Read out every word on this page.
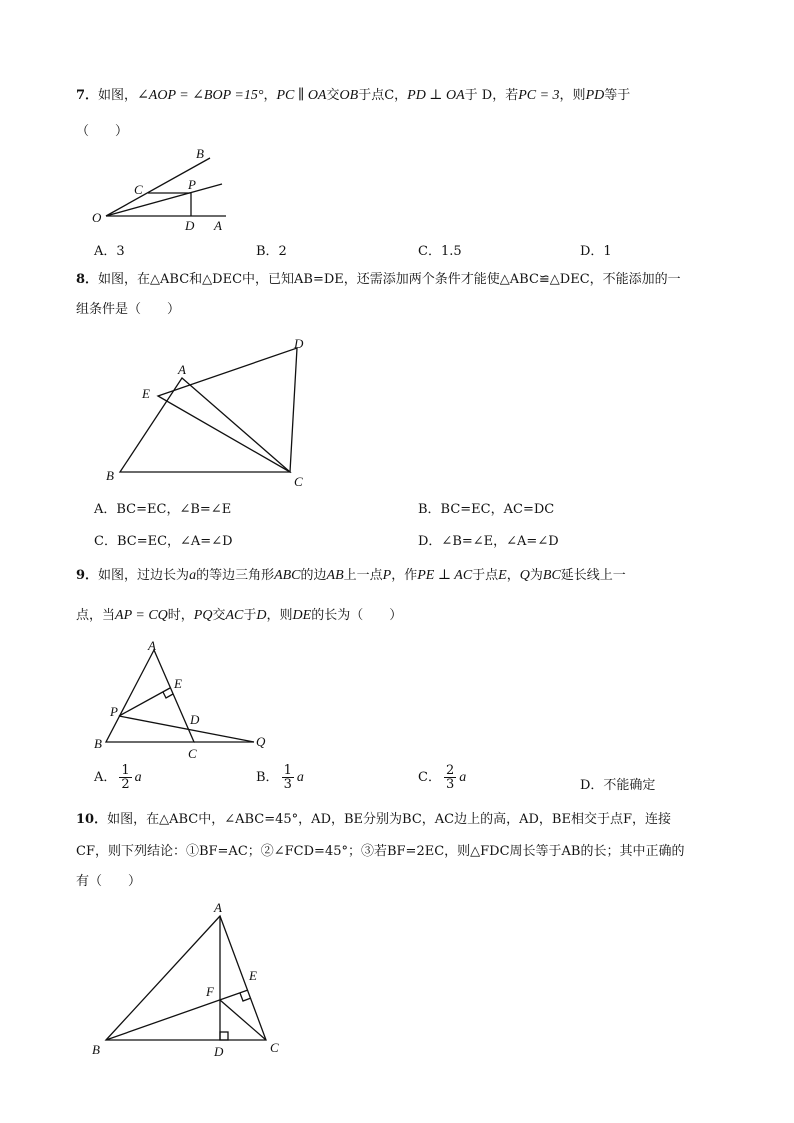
7．如图，∠AOP = ∠BOP =15°，PC ∥ OA交OB于点C，PD ⊥ OA于 D，若PC = 3，则PD等于
（　　）
B
C	P
O
D A
A．3	B．2	C．1.5	D．1
8．如图，在△ABC和△DEC中，已知AB=DE，还需添加两个条件才能使△ABC≌△DEC，不能添加的一
组条件是（　　）
A
D
E
B	C
A．BC=EC，∠B=∠E	B．BC=EC，AC=DC
C．BC=EC，∠A=∠D	D．∠B=∠E，∠A=∠D
9．如图，过边长为a的等边三角形ABC的边AB上一点P，作PE ⊥ AC于点E，Q为BC延长线上一
点，当AP = CQ时，PQ交AC于D，则DE的长为（　　）
A
E
P
D
B
C
Q
A． $\frac{1}{2}$ a	B． $\frac{1}{3}$ a	C． $\frac{2}{3}$ a
D．不能确定
10．如图，在△ABC中，∠ABC=45°，AD，BE分别为BC，AC边上的高，AD，BE相交于点F，连接
CF，则下列结论：①BF=AC；②∠FCD=45°；③若BF=2EC，则△FDC周长等于AB的长；其中正确的
有（　　）
A
E
F
B	D	C
